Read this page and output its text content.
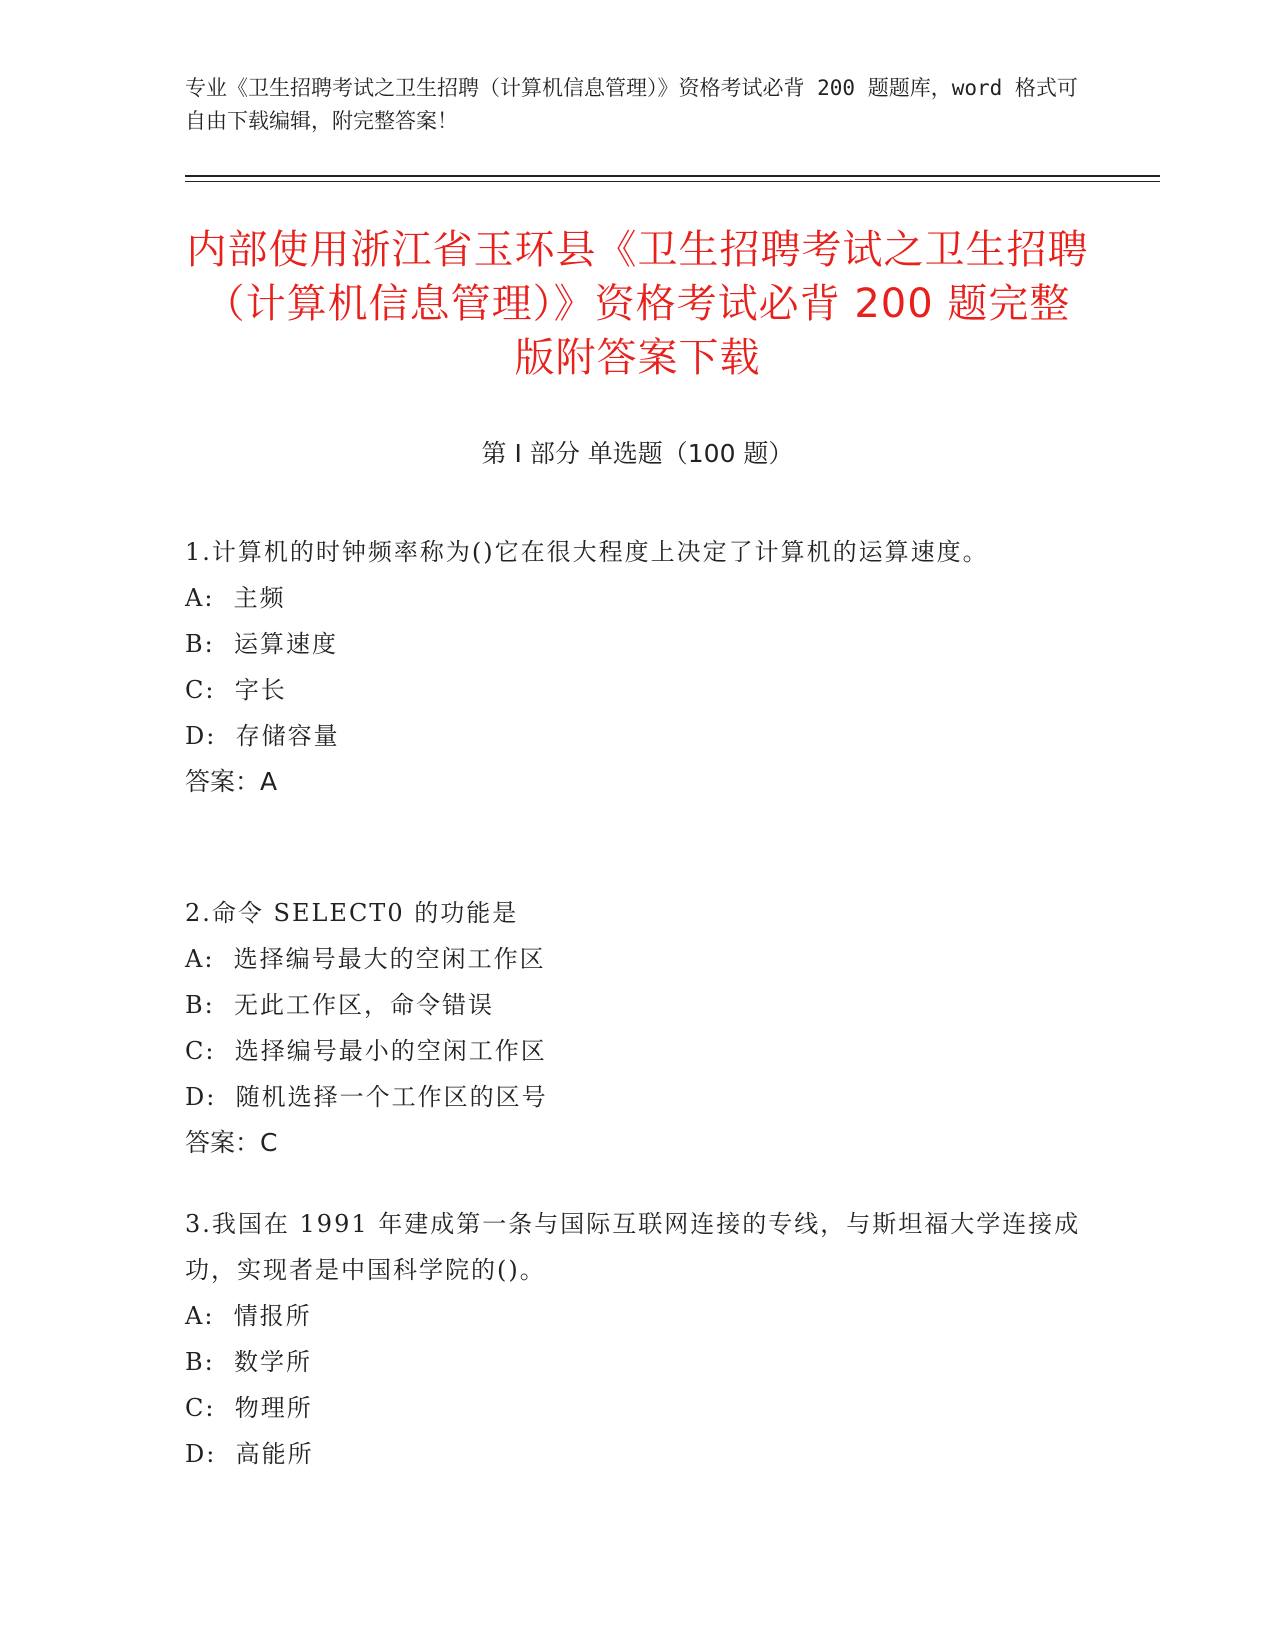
专业《卫生招聘考试之卫生招聘（计算机信息管理）》资格考试必背 200 题题库，word 格式可自由下载编辑，附完整答案！
内部使用浙江省玉环县《卫生招聘考试之卫生招聘（计算机信息管理）》资格考试必背 200 题完整版附答案下载
第 I 部分 单选题（100 题）
1.计算机的时钟频率称为()它在很大程度上决定了计算机的运算速度。
A:  主频
B:  运算速度
C:  字长
D:  存储容量
答案：A
2.命令 SELECT0 的功能是
A:  选择编号最大的空闲工作区
B:  无此工作区，命令错误
C:  选择编号最小的空闲工作区
D:  随机选择一个工作区的区号
答案：C
3.我国在 1991 年建成第一条与国际互联网连接的专线，与斯坦福大学连接成功，实现者是中国科学院的()。
A:  情报所
B:  数学所
C:  物理所
D:  高能所
